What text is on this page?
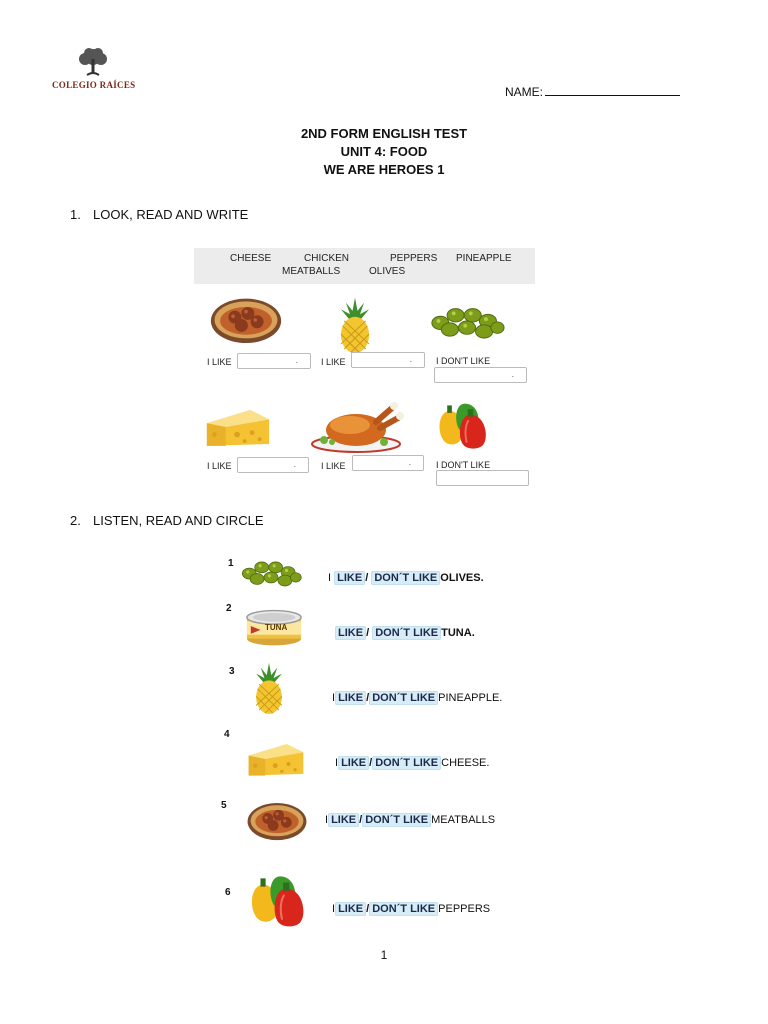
COLEGIO RAÍCES	NAME:
2ND FORM ENGLISH TEST
UNIT 4: FOOD
WE ARE HEROES 1
1. LOOK, READ AND WRITE
CHEESE	CHICKEN	PEPPERS PINEAPPLE
MEATBALLS	OLIVES
I LIKE	.	I LIKE	.	I DON'T LIKE
.
I LIKE	.	I LIKE	.	I DON'T LIKE
2. LISTEN, READ AND CIRCLE
1
I LIKE / DON´T LIKE OLIVES.
2
TUNA	LIKE / DON´T LIKE TUNA.
3
I LIKE / DON´T LIKE PINEAPPLE.
4
I LIKE / DON´T LIKE CHEESE.
5
I LIKE / DON´T LIKE MEATBALLS
6
I LIKE / DON´T LIKE PEPPERS
1
